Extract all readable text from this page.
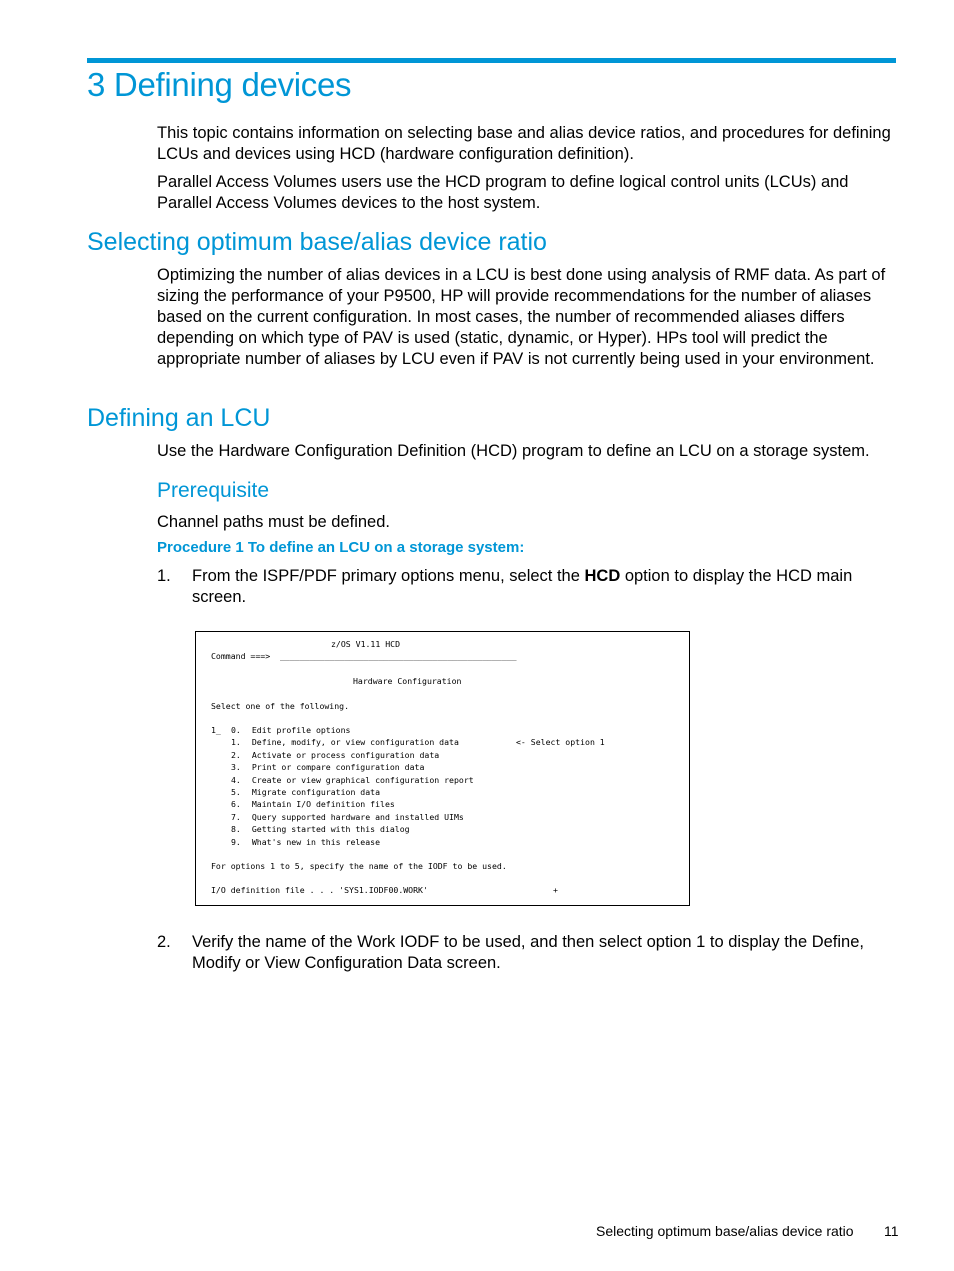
3 Defining devices

This topic contains information on selecting base and alias device ratios, and procedures for defining LCUs and devices using HCD (hardware configuration definition).

Parallel Access Volumes users use the HCD program to define logical control units (LCUs) and Parallel Access Volumes devices to the host system.

Selecting optimum base/alias device ratio

Optimizing the number of alias devices in a LCU is best done using analysis of RMF data. As part of sizing the performance of your P9500, HP will provide recommendations for the number of aliases based on the current configuration. In most cases, the number of recommended aliases differs depending on which type of PAV is used (static, dynamic, or Hyper). HPs tool will predict the appropriate number of aliases by LCU even if PAV is not currently being used in your environment.

Defining an LCU

Use the Hardware Configuration Definition (HCD) program to define an LCU on a storage system.

Prerequisite

Channel paths must be defined.

Procedure 1 To define an LCU on a storage system:

1. From the ISPF/PDF primary options menu, select the HCD option to display the HCD main screen.
z/OS V1.11 HCD
Command ===> ________________________________________________
Hardware Configuration
Select one of the following.
1_
<- Select option 1
0. Edit profile options
1. Define, modify, or view configuration data
2. Activate or process configuration data
3. Print or compare configuration data
4. Create or view graphical configuration report
5. Migrate configuration data
6. Maintain I/O definition files
7. Query supported hardware and installed UIMs
8. Getting started with this dialog
9. What's new in this release
For options 1 to 5, specify the name of the IODF to be used.
I/O definition file . . . 'SYS1.IODF00.WORK'	+
2. Verify the name of the Work IODF to be used, and then select option 1 to display the Define, Modify or View Configuration Data screen.
Selecting optimum base/alias device ratio 11
